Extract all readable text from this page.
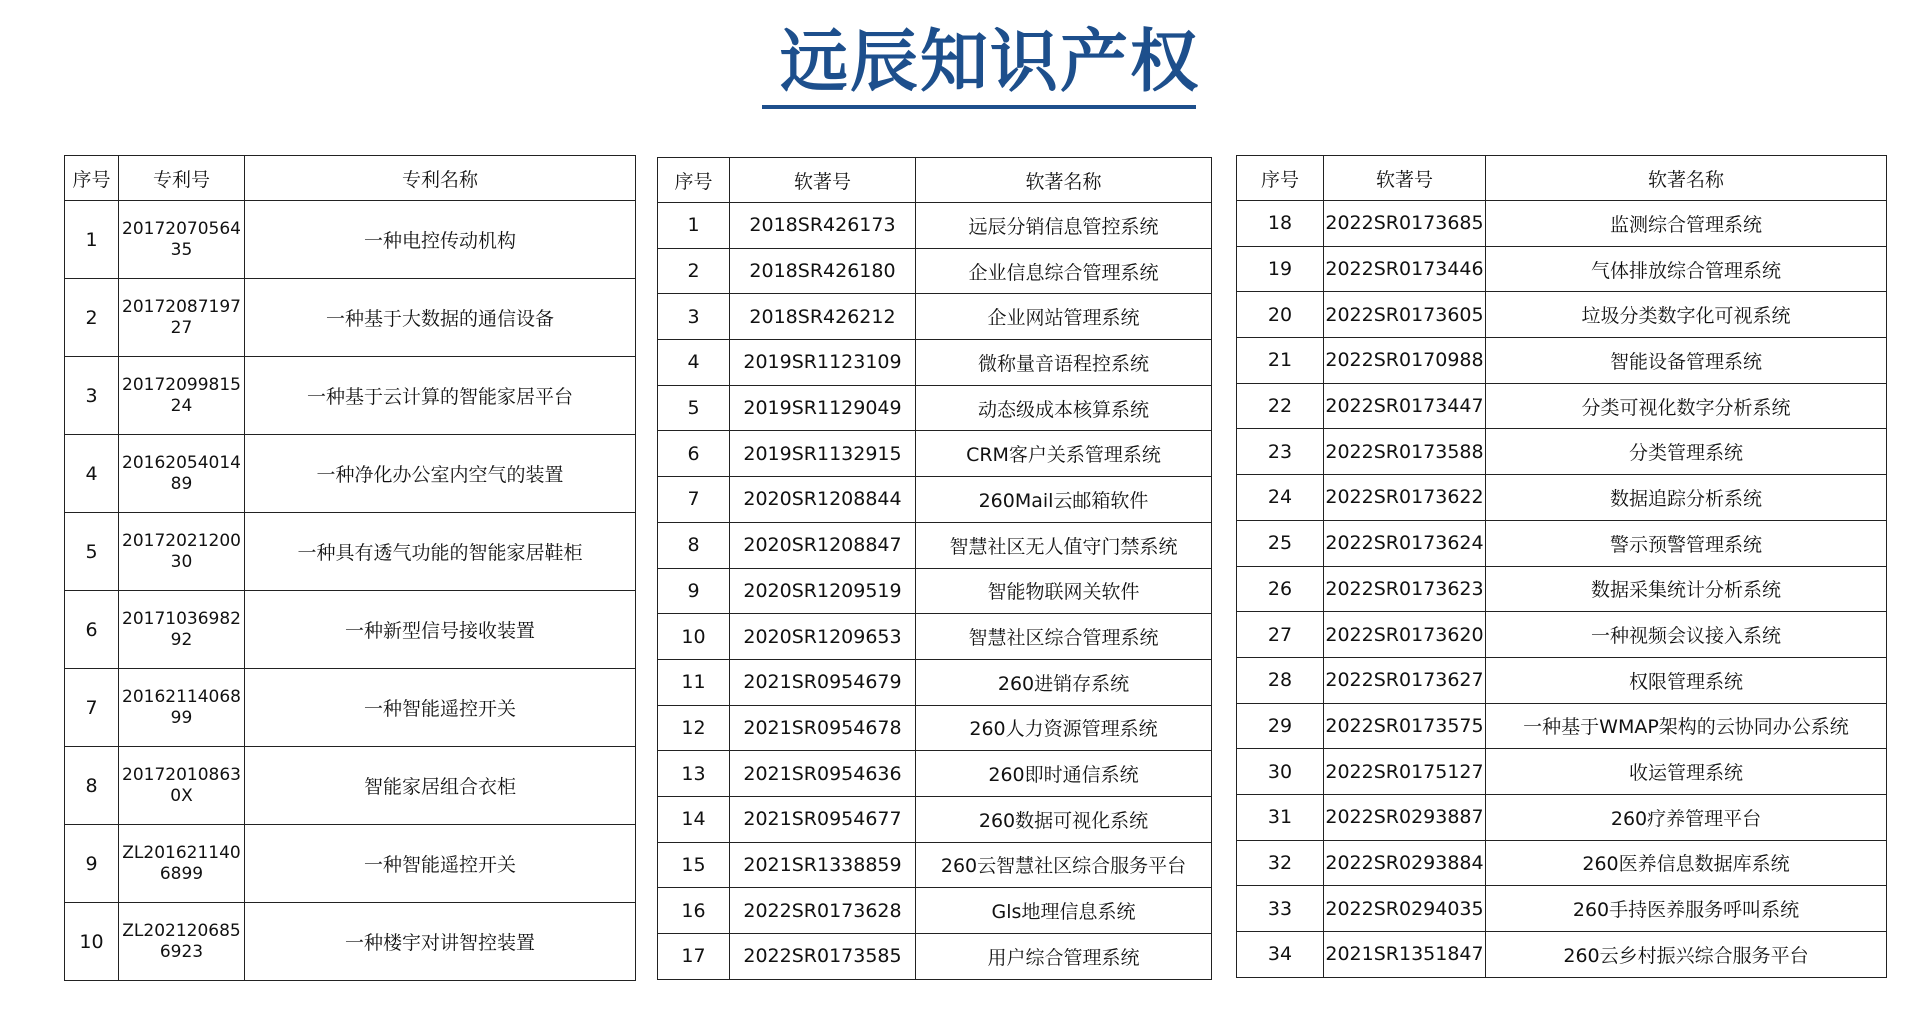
远辰知识产权
序号	专利号	专利名称
1	2017207056435	一种电控传动机构
2	2017208719727	一种基于大数据的通信设备
3	2017209981524	一种基于云计算的智能家居平台
4	2016205401489	一种净化办公室内空气的装置
5	2017202120030	一种具有透气功能的智能家居鞋柜
6	2017103698292	一种新型信号接收装置
7	2016211406899	一种智能遥控开关
8	201720108630X	智能家居组合衣柜
9	ZL2016211406899	一种智能遥控开关
10	ZL2021206856923	一种楼宇对讲智控装置
序号	软著号	软著名称
1	2018SR426173	远辰分销信息管控系统
2	2018SR426180	企业信息综合管理系统
3	2018SR426212	企业网站管理系统
4	2019SR1123109	微称量音语程控系统
5	2019SR1129049	动态级成本核算系统
6	2019SR1132915	CRM客户关系管理系统
7	2020SR1208844	260Mail云邮箱软件
8	2020SR1208847	智慧社区无人值守门禁系统
9	2020SR1209519	智能物联网关软件
10	2020SR1209653	智慧社区综合管理系统
11	2021SR0954679	260进销存系统
12	2021SR0954678	260人力资源管理系统
13	2021SR0954636	260即时通信系统
14	2021SR0954677	260数据可视化系统
15	2021SR1338859	260云智慧社区综合服务平台
16	2022SR0173628	Gls地理信息系统
17	2022SR0173585	用户综合管理系统
序号	软著号	软著名称
18	2022SR0173685	监测综合管理系统
19	2022SR0173446	气体排放综合管理系统
20	2022SR0173605	垃圾分类数字化可视系统
21	2022SR0170988	智能设备管理系统
22	2022SR0173447	分类可视化数字分析系统
23	2022SR0173588	分类管理系统
24	2022SR0173622	数据追踪分析系统
25	2022SR0173624	警示预警管理系统
26	2022SR0173623	数据采集统计分析系统
27	2022SR0173620	一种视频会议接入系统
28	2022SR0173627	权限管理系统
29	2022SR0173575	一种基于WMAP架构的云协同办公系统
30	2022SR0175127	收运管理系统
31	2022SR0293887	260疗养管理平台
32	2022SR0293884	260医养信息数据库系统
33	2022SR0294035	260手持医养服务呼叫系统
34	2021SR1351847	260云乡村振兴综合服务平台
